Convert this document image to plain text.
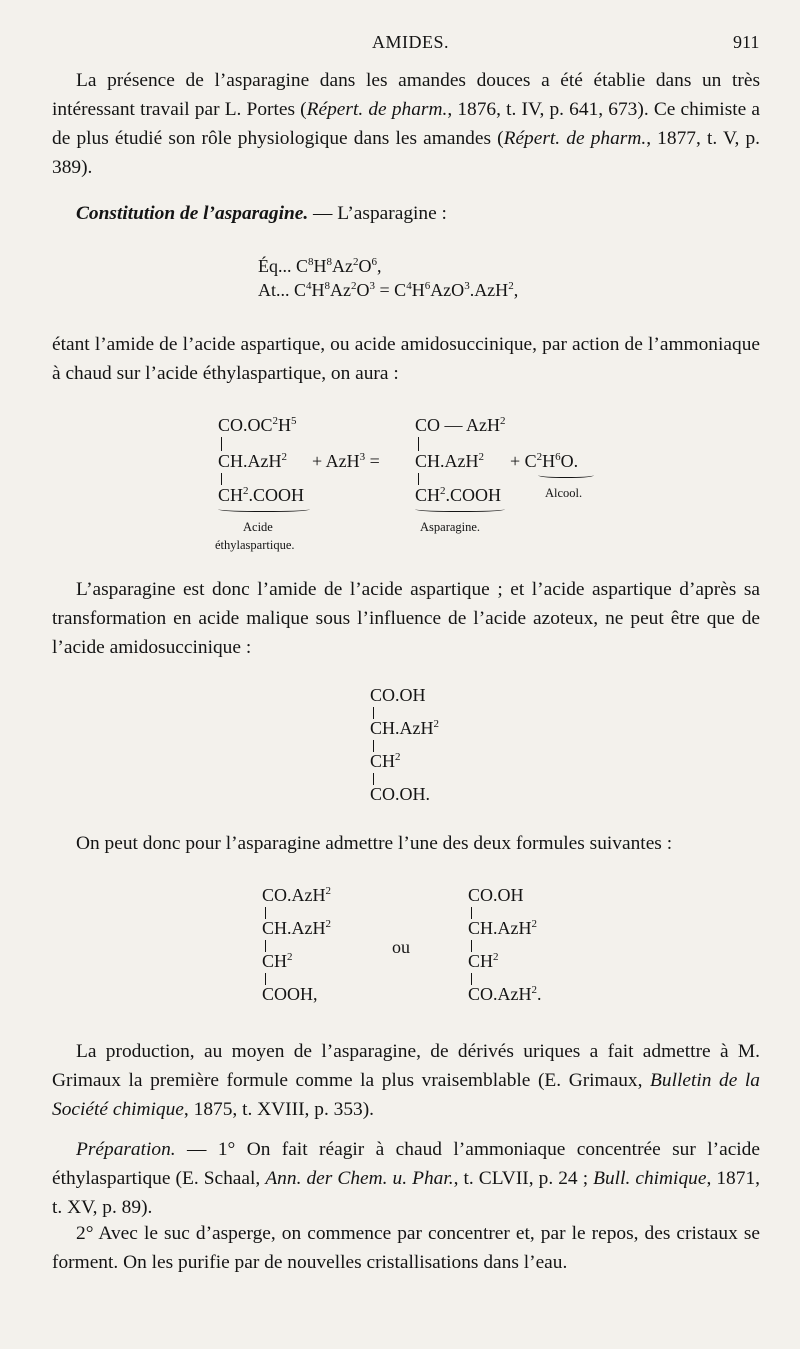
AMIDES.	911

La présence de l’asparagine dans les amandes douces a été établie dans un très intéressant travail par L. Portes (Répert. de pharm., 1876, t. IV, p. 641, 673). Ce chimiste a de plus étudié son rôle physiologique dans les amandes (Répert. de pharm., 1877, t. V, p. 389).

Constitution de l’asparagine. — L’asparagine :

Éq... $C^8H^8Az^2O^6$,
At... $C^4H^8Az^2O^3 = C^4H^6AzO^3.AzH^2$,

étant l’amide de l’acide aspartique, ou acide amidosuccinique, par action de l’ammoniaque à chaud sur l’acide éthylaspartique, on aura :

$CO.OC^2H^5$
CH.AzH$^2$
$CH^2.COOH$
Acide
éthylaspartique.
+ AzH$^3$ =
CO — AzH$^2$
CH.AzH$^2$
$CH^2.COOH$
Asparagine.
+ $C^2H^6O$.
Alcool.

L’asparagine est donc l’amide de l’acide aspartique ; et l’acide aspartique d’après sa transformation en acide malique sous l’influence de l’acide azoteux, ne peut être que de l’acide amidosuccinique :

CO.OH
CH.AzH$^2$
$CH^2$
CO.OH.

On peut donc pour l’asparagine admettre l’une des deux formules suivantes :

CO.AzH$^2$
CH.AzH$^2$
$CH^2$
COOH,
ou
CO.OH
CH.AzH$^2$
$CH^2$
CO.AzH$^2$.

La production, au moyen de l’asparagine, de dérivés uriques a fait admettre à M. Grimaux la première formule comme la plus vraisemblable (E. Grimaux, Bulletin de la Société chimique, 1875, t. XVIII, p. 353).

Préparation. — 1° On fait réagir à chaud l’ammoniaque concentrée sur l’acide éthylaspartique (E. Schaal, Ann. der Chem. u. Phar., t. CLVII, p. 24 ; Bull. chimique, 1871, t. XV, p. 89).

2° Avec le suc d’asperge, on commence par concentrer et, par le repos, des cristaux se forment. On les purifie par de nouvelles cristallisations dans l’eau.
